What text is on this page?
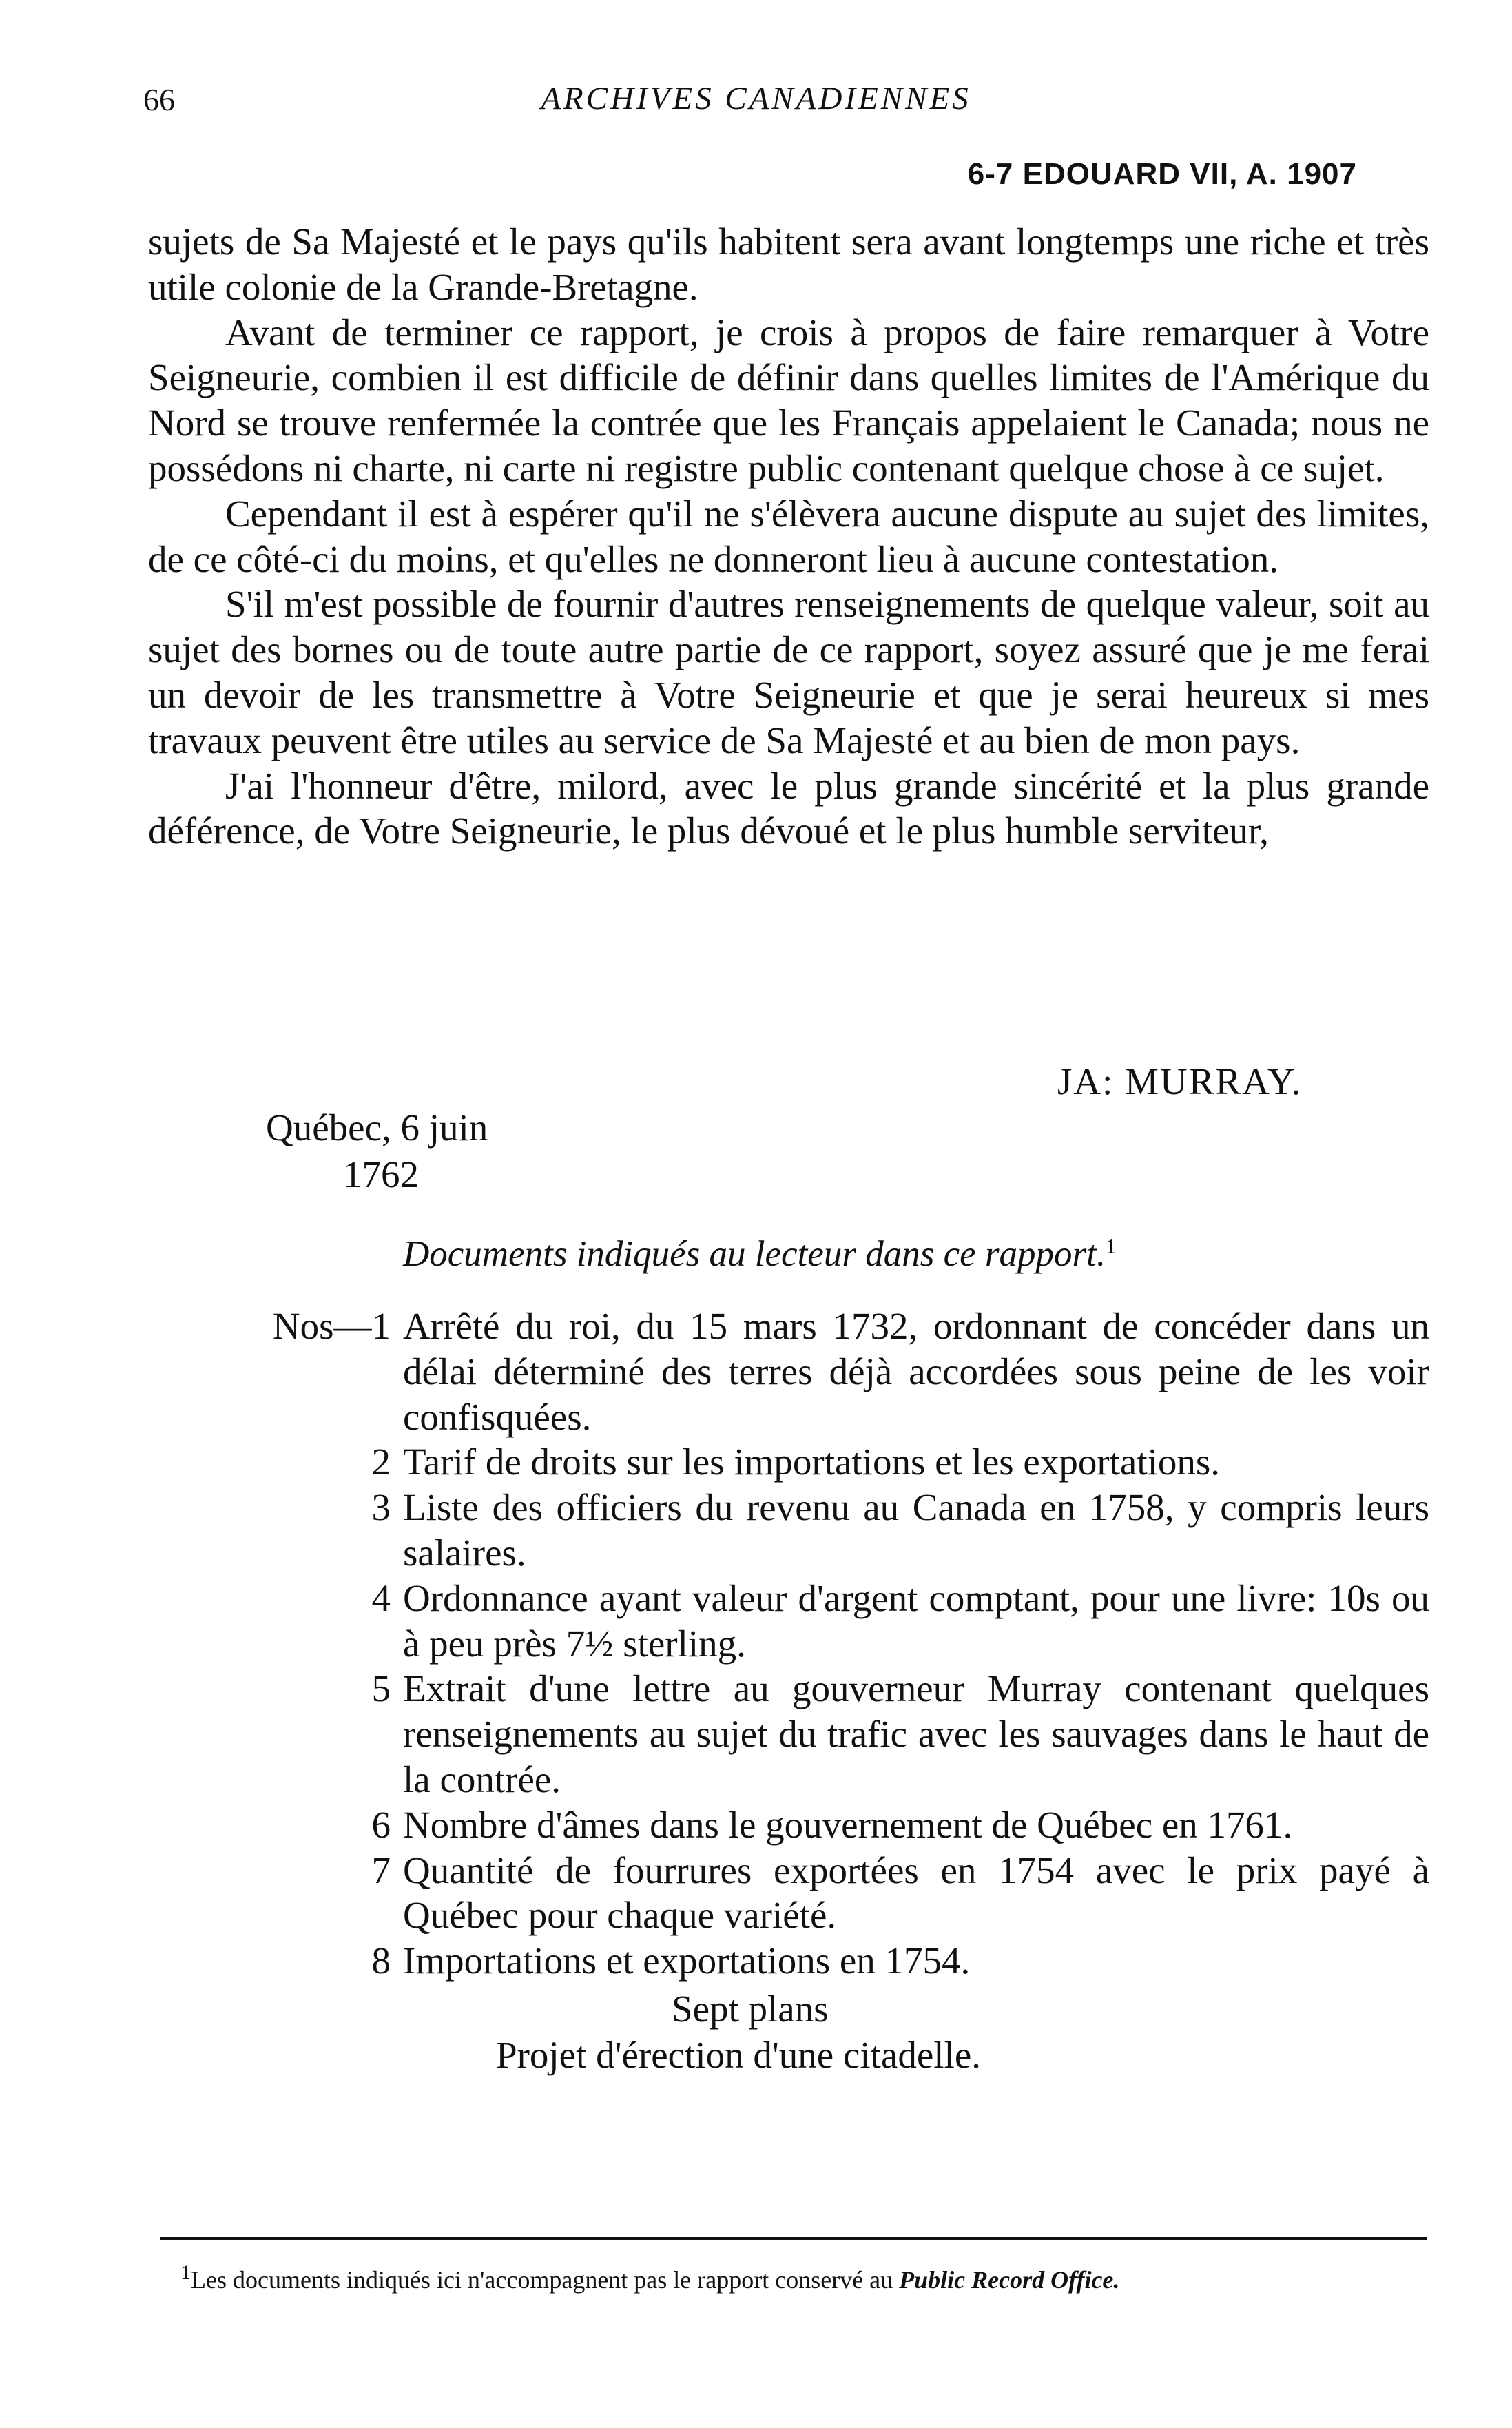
66	ARCHIVES CANADIENNES
6-7 EDOUARD VII, A. 1907

sujets de Sa Majesté et le pays qu'ils habitent sera avant longtemps une riche et très utile colonie de la Grande-Bretagne.

Avant de terminer ce rapport, je crois à propos de faire remarquer à Votre Seigneurie, combien il est difficile de définir dans quelles limites de l'Amérique du Nord se trouve renfermée la contrée que les Français appelaient le Canada; nous ne possédons ni charte, ni carte ni registre public contenant quelque chose à ce sujet.

Cependant il est à espérer qu'il ne s'élèvera aucune dispute au sujet des limites, de ce côté-ci du moins, et qu'elles ne donneront lieu à aucune contestation.

S'il m'est possible de fournir d'autres renseignements de quelque valeur, soit au sujet des bornes ou de toute autre partie de ce rapport, soyez assuré que je me ferai un devoir de les transmettre à Votre Seigneurie et que je serai heureux si mes travaux peuvent être utiles au service de Sa Majesté et au bien de mon pays.

J'ai l'honneur d'être, milord, avec le plus grande sincérité et la plus grande déférence, de Votre Seigneurie, le plus dévoué et le plus humble serviteur,

JA: MURRAY.
Québec, 6 juin
1762
Documents indiqués au lecteur dans ce rapport.$^1$
Nos—1 Arrêté du roi, du 15 mars 1732, ordonnant de concéder dans un délai déterminé des terres déjà accordées sous peine de les voir confisquées.
2 Tarif de droits sur les importations et les exportations.
3 Liste des officiers du revenu au Canada en 1758, y compris leurs salaires.
4 Ordonnance ayant valeur d'argent comptant, pour une livre: 10s ou à peu près 7½ sterling.
5 Extrait d'une lettre au gouverneur Murray contenant quelques renseignements au sujet du trafic avec les sauvages dans le haut de la contrée.
6 Nombre d'âmes dans le gouvernement de Québec en 1761.
7 Quantité de fourrures exportées en 1754 avec le prix payé à Québec pour chaque variété.
8 Importations et exportations en 1754.
Sept plans
Projet d'érection d'une citadelle.
$^1$Les documents indiqués ici n'accompagnent pas le rapport conservé au Public Record Office.
